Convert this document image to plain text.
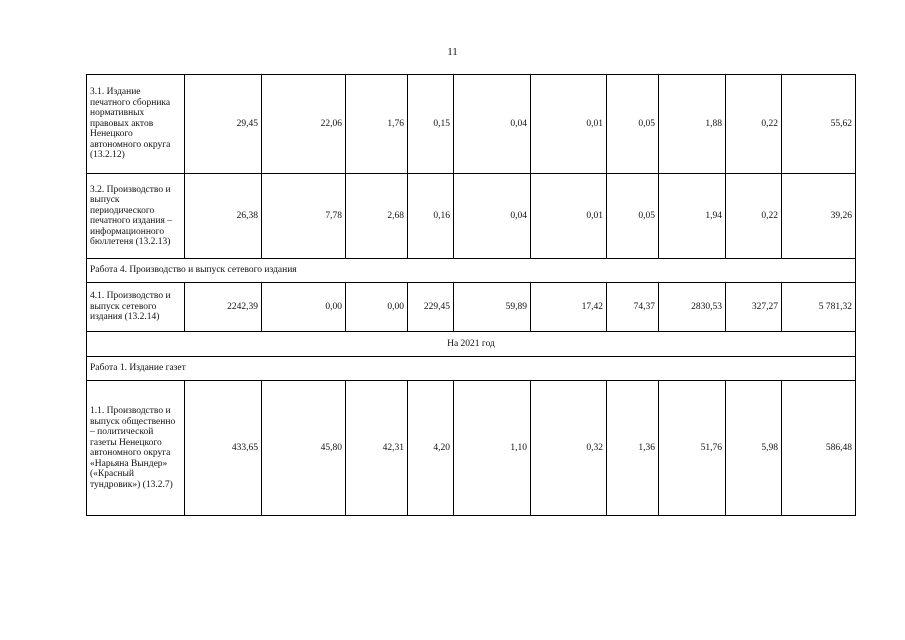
11
3.1. Издание печатного сборника нормативных правовых актов Ненецкого автономного округа (13.2.12)	29,45	22,06	1,76	0,15	0,04	0,01	0,05	1,88	0,22	55,62
3.2. Производство и выпуск периодического печатного издания – информационного бюллетеня (13.2.13)	26,38	7,78	2,68	0,16	0,04	0,01	0,05	1,94	0,22	39,26
Работа 4. Производство и выпуск сетевого издания										
4.1. Производство и выпуск сетевого издания (13.2.14)	2242,39	0,00	0,00	229,45	59,89	17,42	74,37	2830,53	327,27	5 781,32
На 2021 год										
Работа 1. Издание газет										
1.1. Производство и выпуск общественно – политической газеты Ненецкого автономного округа «Нарьяна Вындер» («Красный тундровик») (13.2.7)	433,65	45,80	42,31	4,20	1,10	0,32	1,36	51,76	5,98	586,48
